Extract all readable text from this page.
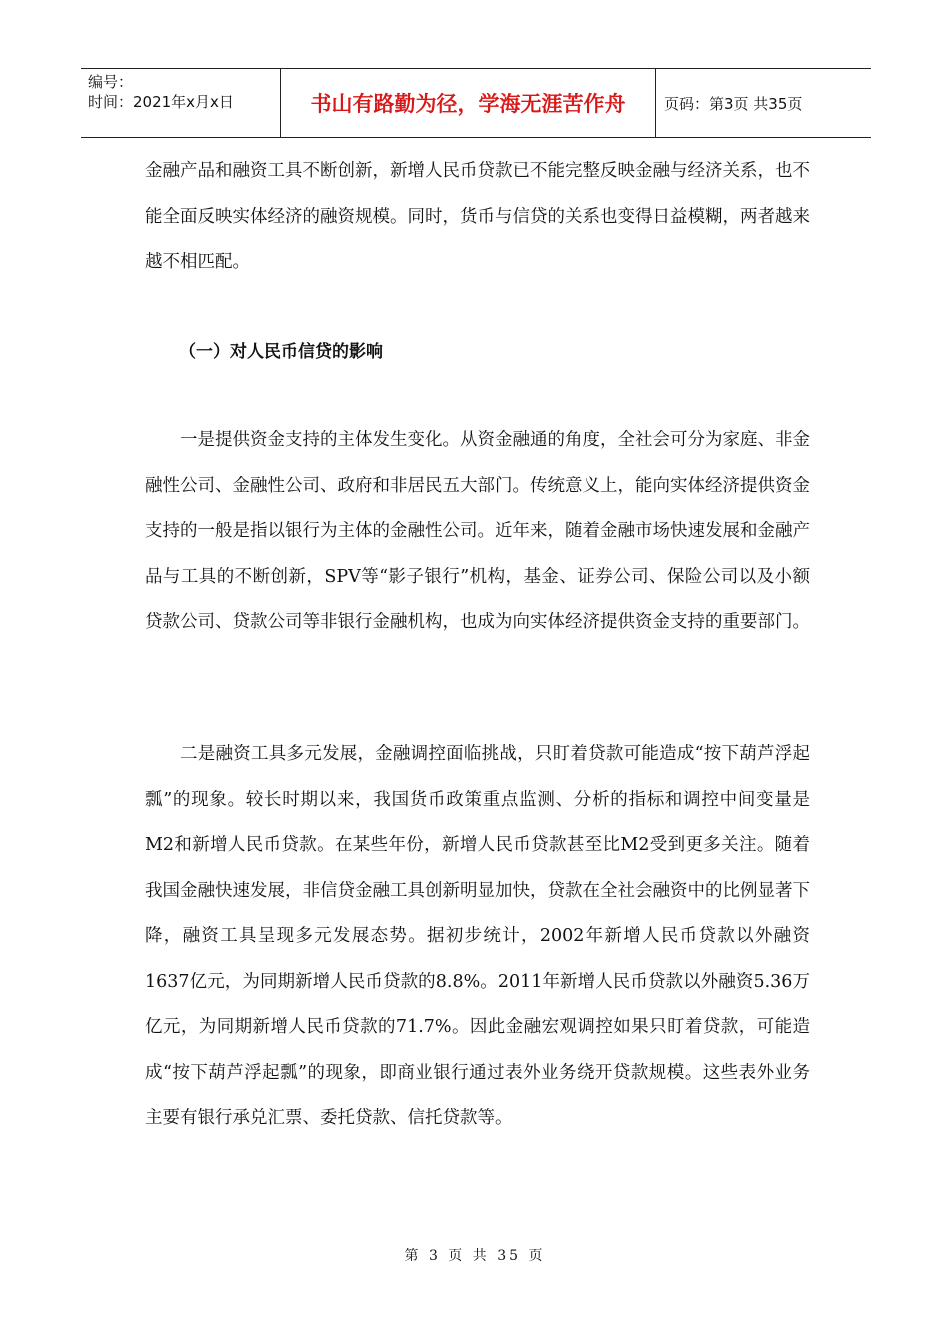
编号：
时间：2021年x月x日	书山有路勤为径，学海无涯苦作舟	页码：第3页 共35页

金融产品和融资工具不断创新，新增人民币贷款已不能完整反映金融与经济关系，也不能全面反映实体经济的融资规模。同时，货币与信贷的关系也变得日益模糊，两者越来越不相匹配。

（一）对人民币信贷的影响

一是提供资金支持的主体发生变化。从资金融通的角度，全社会可分为家庭、非金融性公司、金融性公司、政府和非居民五大部门。传统意义上，能向实体经济提供资金支持的一般是指以银行为主体的金融性公司。近年来，随着金融市场快速发展和金融产品与工具的不断创新，SPV等“影子银行”机构，基金、证券公司、保险公司以及小额贷款公司、贷款公司等非银行金融机构，也成为向实体经济提供资金支持的重要部门。

二是融资工具多元发展，金融调控面临挑战，只盯着贷款可能造成“按下葫芦浮起瓢”的现象。较长时期以来，我国货币政策重点监测、分析的指标和调控中间变量是M2和新增人民币贷款。在某些年份，新增人民币贷款甚至比M2受到更多关注。随着我国金融快速发展，非信贷金融工具创新明显加快，贷款在全社会融资中的比例显著下降，融资工具呈现多元发展态势。据初步统计，2002年新增人民币贷款以外融资1637亿元，为同期新增人民币贷款的8.8%。2011年新增人民币贷款以外融资5.36万亿元，为同期新增人民币贷款的71.7%。因此金融宏观调控如果只盯着贷款，可能造成“按下葫芦浮起瓢”的现象，即商业银行通过表外业务绕开贷款规模。这些表外业务主要有银行承兑汇票、委托贷款、信托贷款等。

第 3 页 共 35 页
